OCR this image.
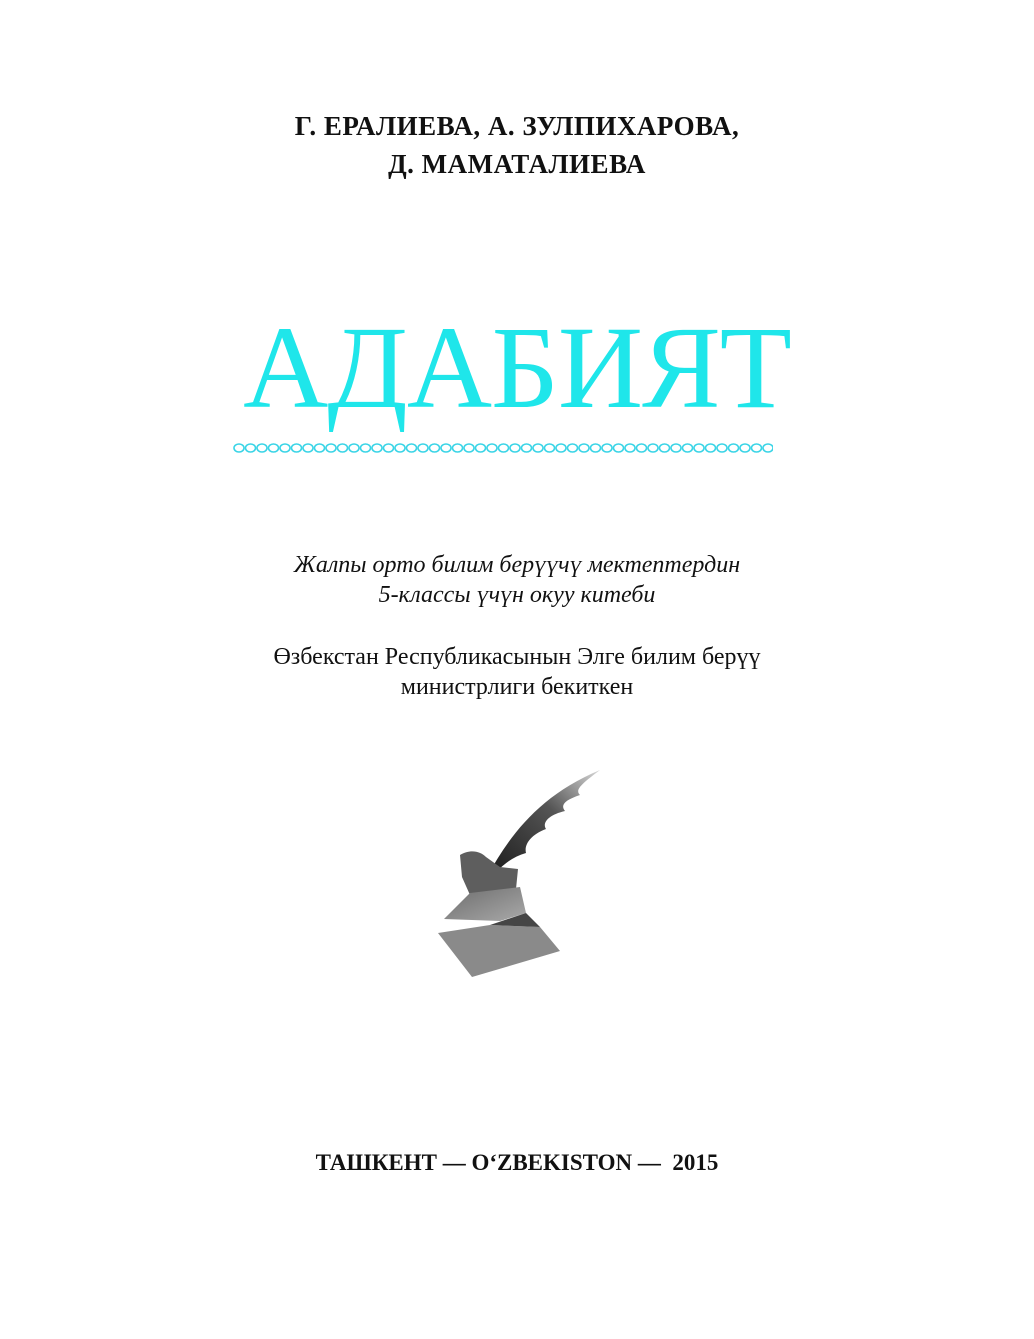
Г. ЕРАЛИЕВА, А. ЗУЛПИХАРОВА,
Д. МАМАТАЛИЕВА
АДАБИЯТ
Жалпы орто билим берүүчү мектептердин
5-классы үчүн окуу китеби
Өзбекстан Республикасынын Элге билим берүү
министрлиги бекиткен
ТАШКЕНТ — O‘ZBEKISTON —  2015
